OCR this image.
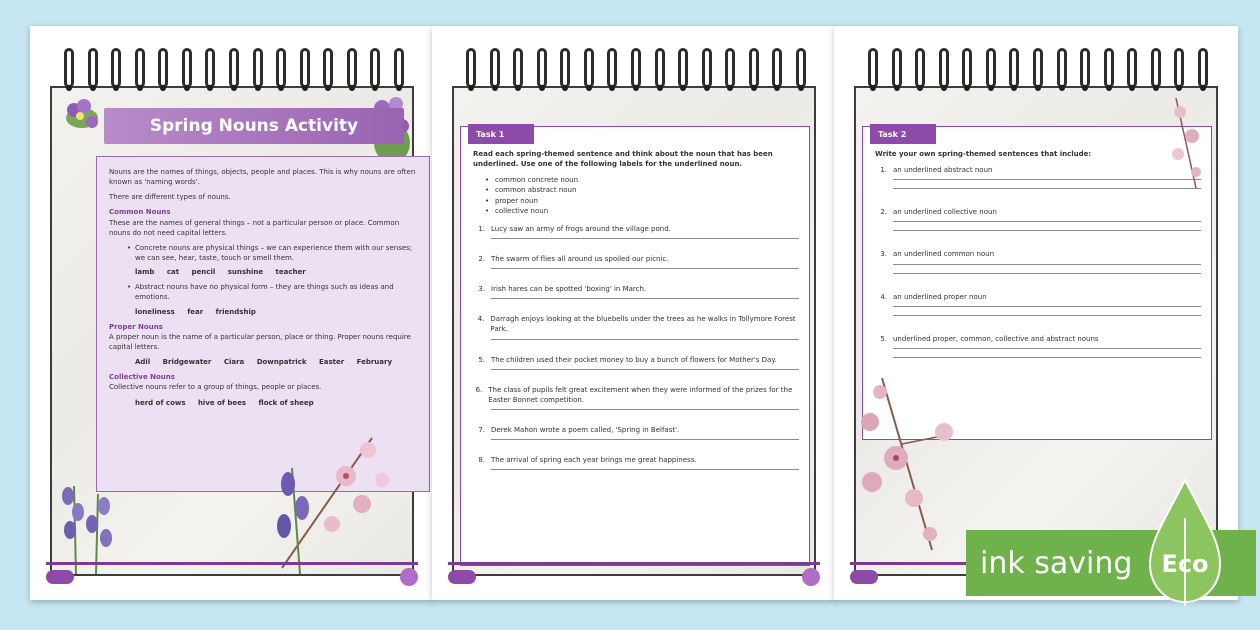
Spring Nouns Activity

Nouns are the names of things, objects, people and places. This is why nouns are often known as 'naming words'.

There are different types of nouns.

Common Nouns

These are the names of general things – not a particular person or place. Common nouns do not need capital letters.

• Concrete nouns are physical things – we can experience them with our senses; we can see, hear, taste, touch or smell them.

lamb cat pencil sunshine teacher

• Abstract nouns have no physical form – they are things such as ideas and emotions.

loneliness fear friendship

Proper Nouns

A proper noun is the name of a particular person, place or thing. Proper nouns require capital letters.

Adil Bridgewater Ciara Downpatrick Easter February

Collective Nouns

Collective nouns refer to a group of things, people or places.

herd of cows hive of bees flock of sheep

Read each spring-themed sentence and think about the noun that has been underlined. Use one of the following labels for the underlined noun.

• common concrete noun
• common abstract noun
• proper noun
• collective noun
1. Lucy saw an army of frogs around the village pond.
2. The swarm of flies all around us spoiled our picnic.
3. Irish hares can be spotted 'boxing' in March.
4. Darragh enjoys looking at the bluebells under the trees as he walks in Tollymore Forest Park.
5. The children used their pocket money to buy a bunch of flowers for Mother's Day.
6. The class of pupils felt great excitement when they were informed of the prizes for the Easter Bonnet competition.
7. Derek Mahon wrote a poem called, 'Spring in Belfast'.
8. The arrival of spring each year brings me great happiness.
Task 1

Write your own spring-themed sentences that include:

1. an underlined abstract noun
2. an underlined collective noun
3. an underlined common noun
4. an underlined proper noun
5. underlined proper, common, collective and abstract nouns
Task 2
ink saving Eco
